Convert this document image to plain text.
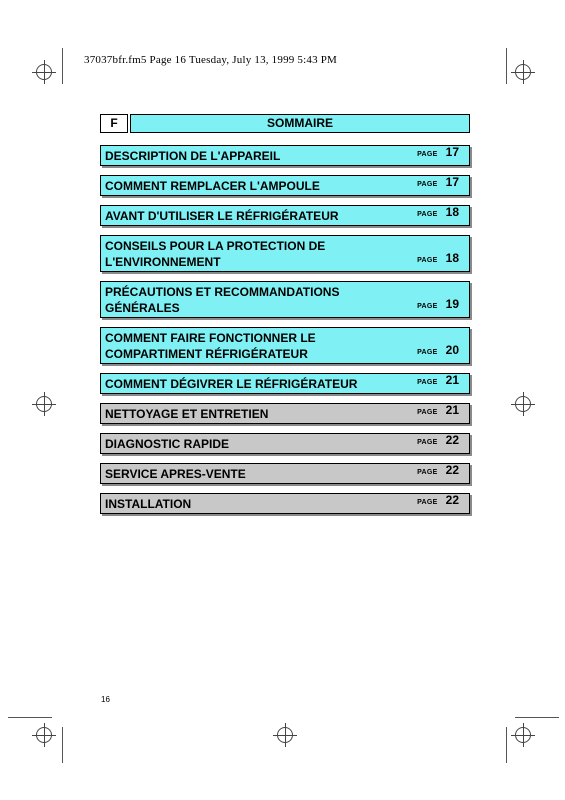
37037bfr.fm5 Page 16 Tuesday, July 13, 1999 5:43 PM
F	SOMMAIRE
DESCRIPTION DE L'APPAREIL	PAGE 17
COMMENT REMPLACER L'AMPOULE	PAGE 17
AVANT D'UTILISER LE RÉFRIGÉRATEUR	PAGE 18
CONSEILS POUR LA PROTECTION DE L'ENVIRONNEMENT	PAGE 18
PRÉCAUTIONS ET RECOMMANDATIONS GÉNÉRALES	PAGE 19
COMMENT FAIRE FONCTIONNER LE COMPARTIMENT RÉFRIGÉRATEUR	PAGE 20
COMMENT DÉGIVRER LE RÉFRIGÉRATEUR	PAGE 21
NETTOYAGE ET ENTRETIEN	PAGE 21
DIAGNOSTIC RAPIDE	PAGE 22
SERVICE APRES-VENTE	PAGE 22
INSTALLATION	PAGE 22
16
